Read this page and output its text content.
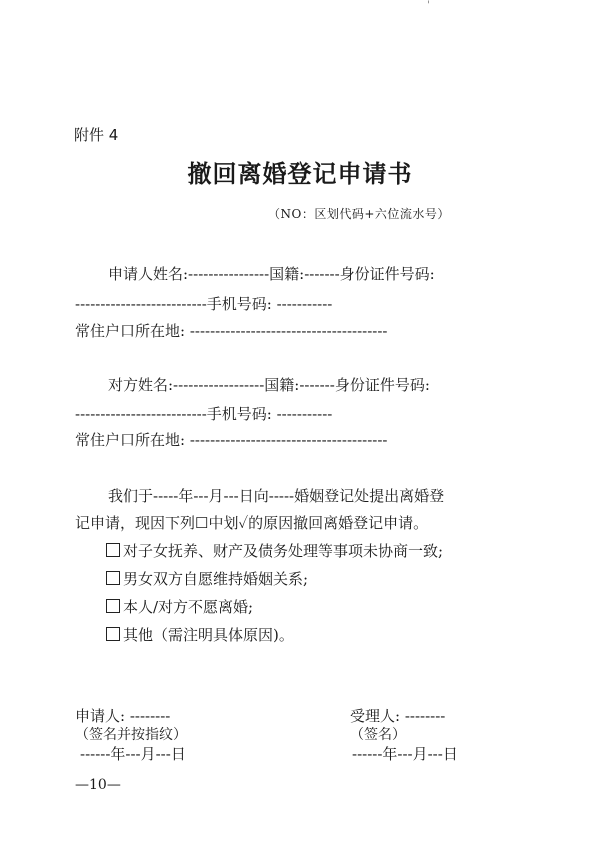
'
附件 4
撤回离婚登记申请书
（NO：区划代码+六位流水号）
申请人姓名:----------------国籍:-------身份证件号码:
--------------------------手机号码: -----------
常住户口所在地: ---------------------------------------
对方姓名:------------------国籍:-------身份证件号码:
--------------------------手机号码: -----------
常住户口所在地: ---------------------------------------
我们于-----年---月---日向-----婚姻登记处提出离婚登
记申请，现因下列☐中划✓的原因撤回离婚登记申请。
对子女抚养、财产及债务处理等事项未协商一致;
男女双方自愿维持婚姻关系;
本人/对方不愿离婚;
其他（需注明具体原因)。
申请人: --------
（签名并按指纹）
------年---月---日
受理人: --------
（签名）
------年---月---日
—10—
